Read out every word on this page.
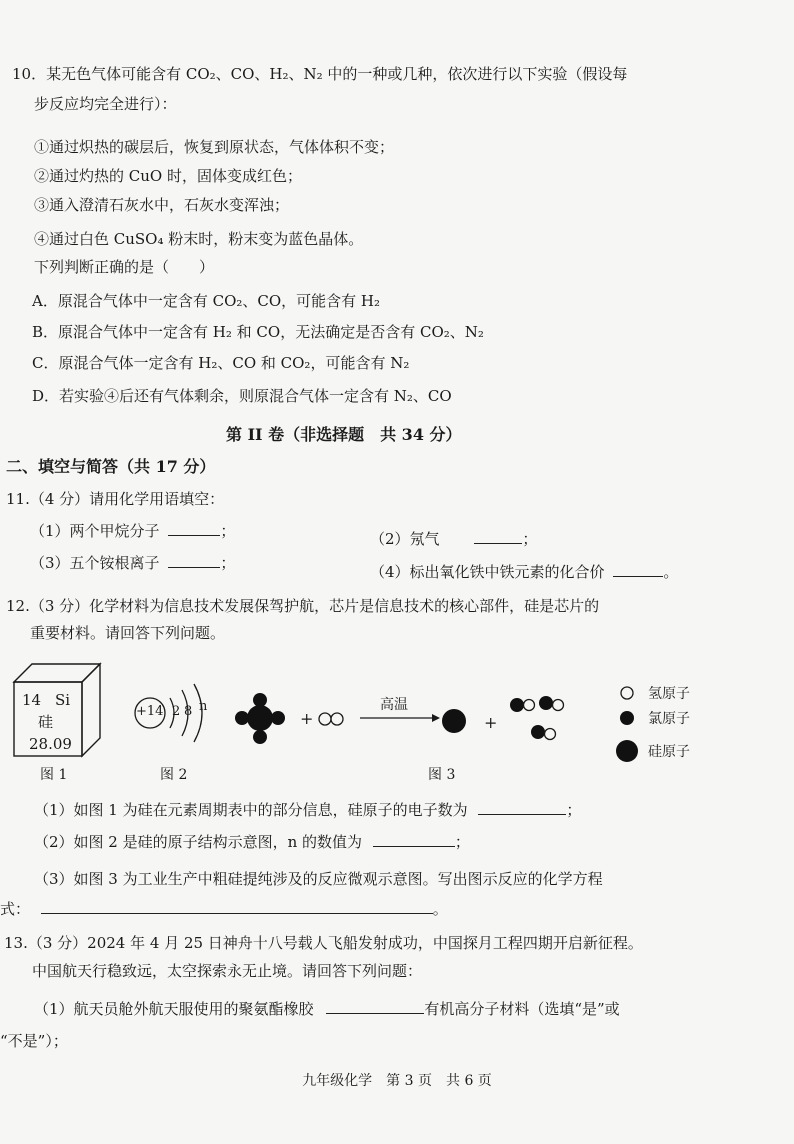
10．某无色气体可能含有 CO₂、CO、H₂、N₂ 中的一种或几种，依次进行以下实验（假设每
步反应均完全进行）：
①通过炽热的碳层后，恢复到原状态，气体体积不变；
②通过灼热的 CuO 时，固体变成红色；
③通入澄清石灰水中，石灰水变浑浊；
④通过白色 CuSO₄ 粉末时，粉末变为蓝色晶体。
下列判断正确的是（　　）
A．原混合气体中一定含有 CO₂、CO，可能含有 H₂
B．原混合气体中一定含有 H₂ 和 CO，无法确定是否含有 CO₂、N₂
C．原混合气体一定含有 H₂、CO 和 CO₂，可能含有 N₂
D．若实验④后还有气体剩余，则原混合气体一定含有 N₂、CO
第 II 卷（非选择题　共 34 分）
二、填空与简答（共 17 分）
11.（4 分）请用化学用语填空：
（1）两个甲烷分子	；	（2）氖气	；
（3）五个铵根离子	；	（4）标出氧化铁中铁元素的化合价	。
12.（3 分）化学材料为信息技术发展保驾护航，芯片是信息技术的核心部件，硅是芯片的
重要材料。请回答下列问题。
14 Si
硅
28.09
图 1
+14 2 8 n
图 2
+	+
高温
图 3
氢原子
氯原子
硅原子
（1）如图 1 为硅在元素周期表中的部分信息，硅原子的电子数为	；
（2）如图 2 是硅的原子结构示意图，n 的数值为	；
（3）如图 3 为工业生产中粗硅提纯涉及的反应微观示意图。写出图示反应的化学方程
式：	。
13.（3 分）2024 年 4 月 25 日神舟十八号载人飞船发射成功，中国探月工程四期开启新征程。
中国航天行稳致远，太空探索永无止境。请回答下列问题：
（1）航天员舱外航天服使用的聚氨酯橡胶	有机高分子材料（选填“是”或
“不是”）；
九年级化学　第 3 页　共 6 页
